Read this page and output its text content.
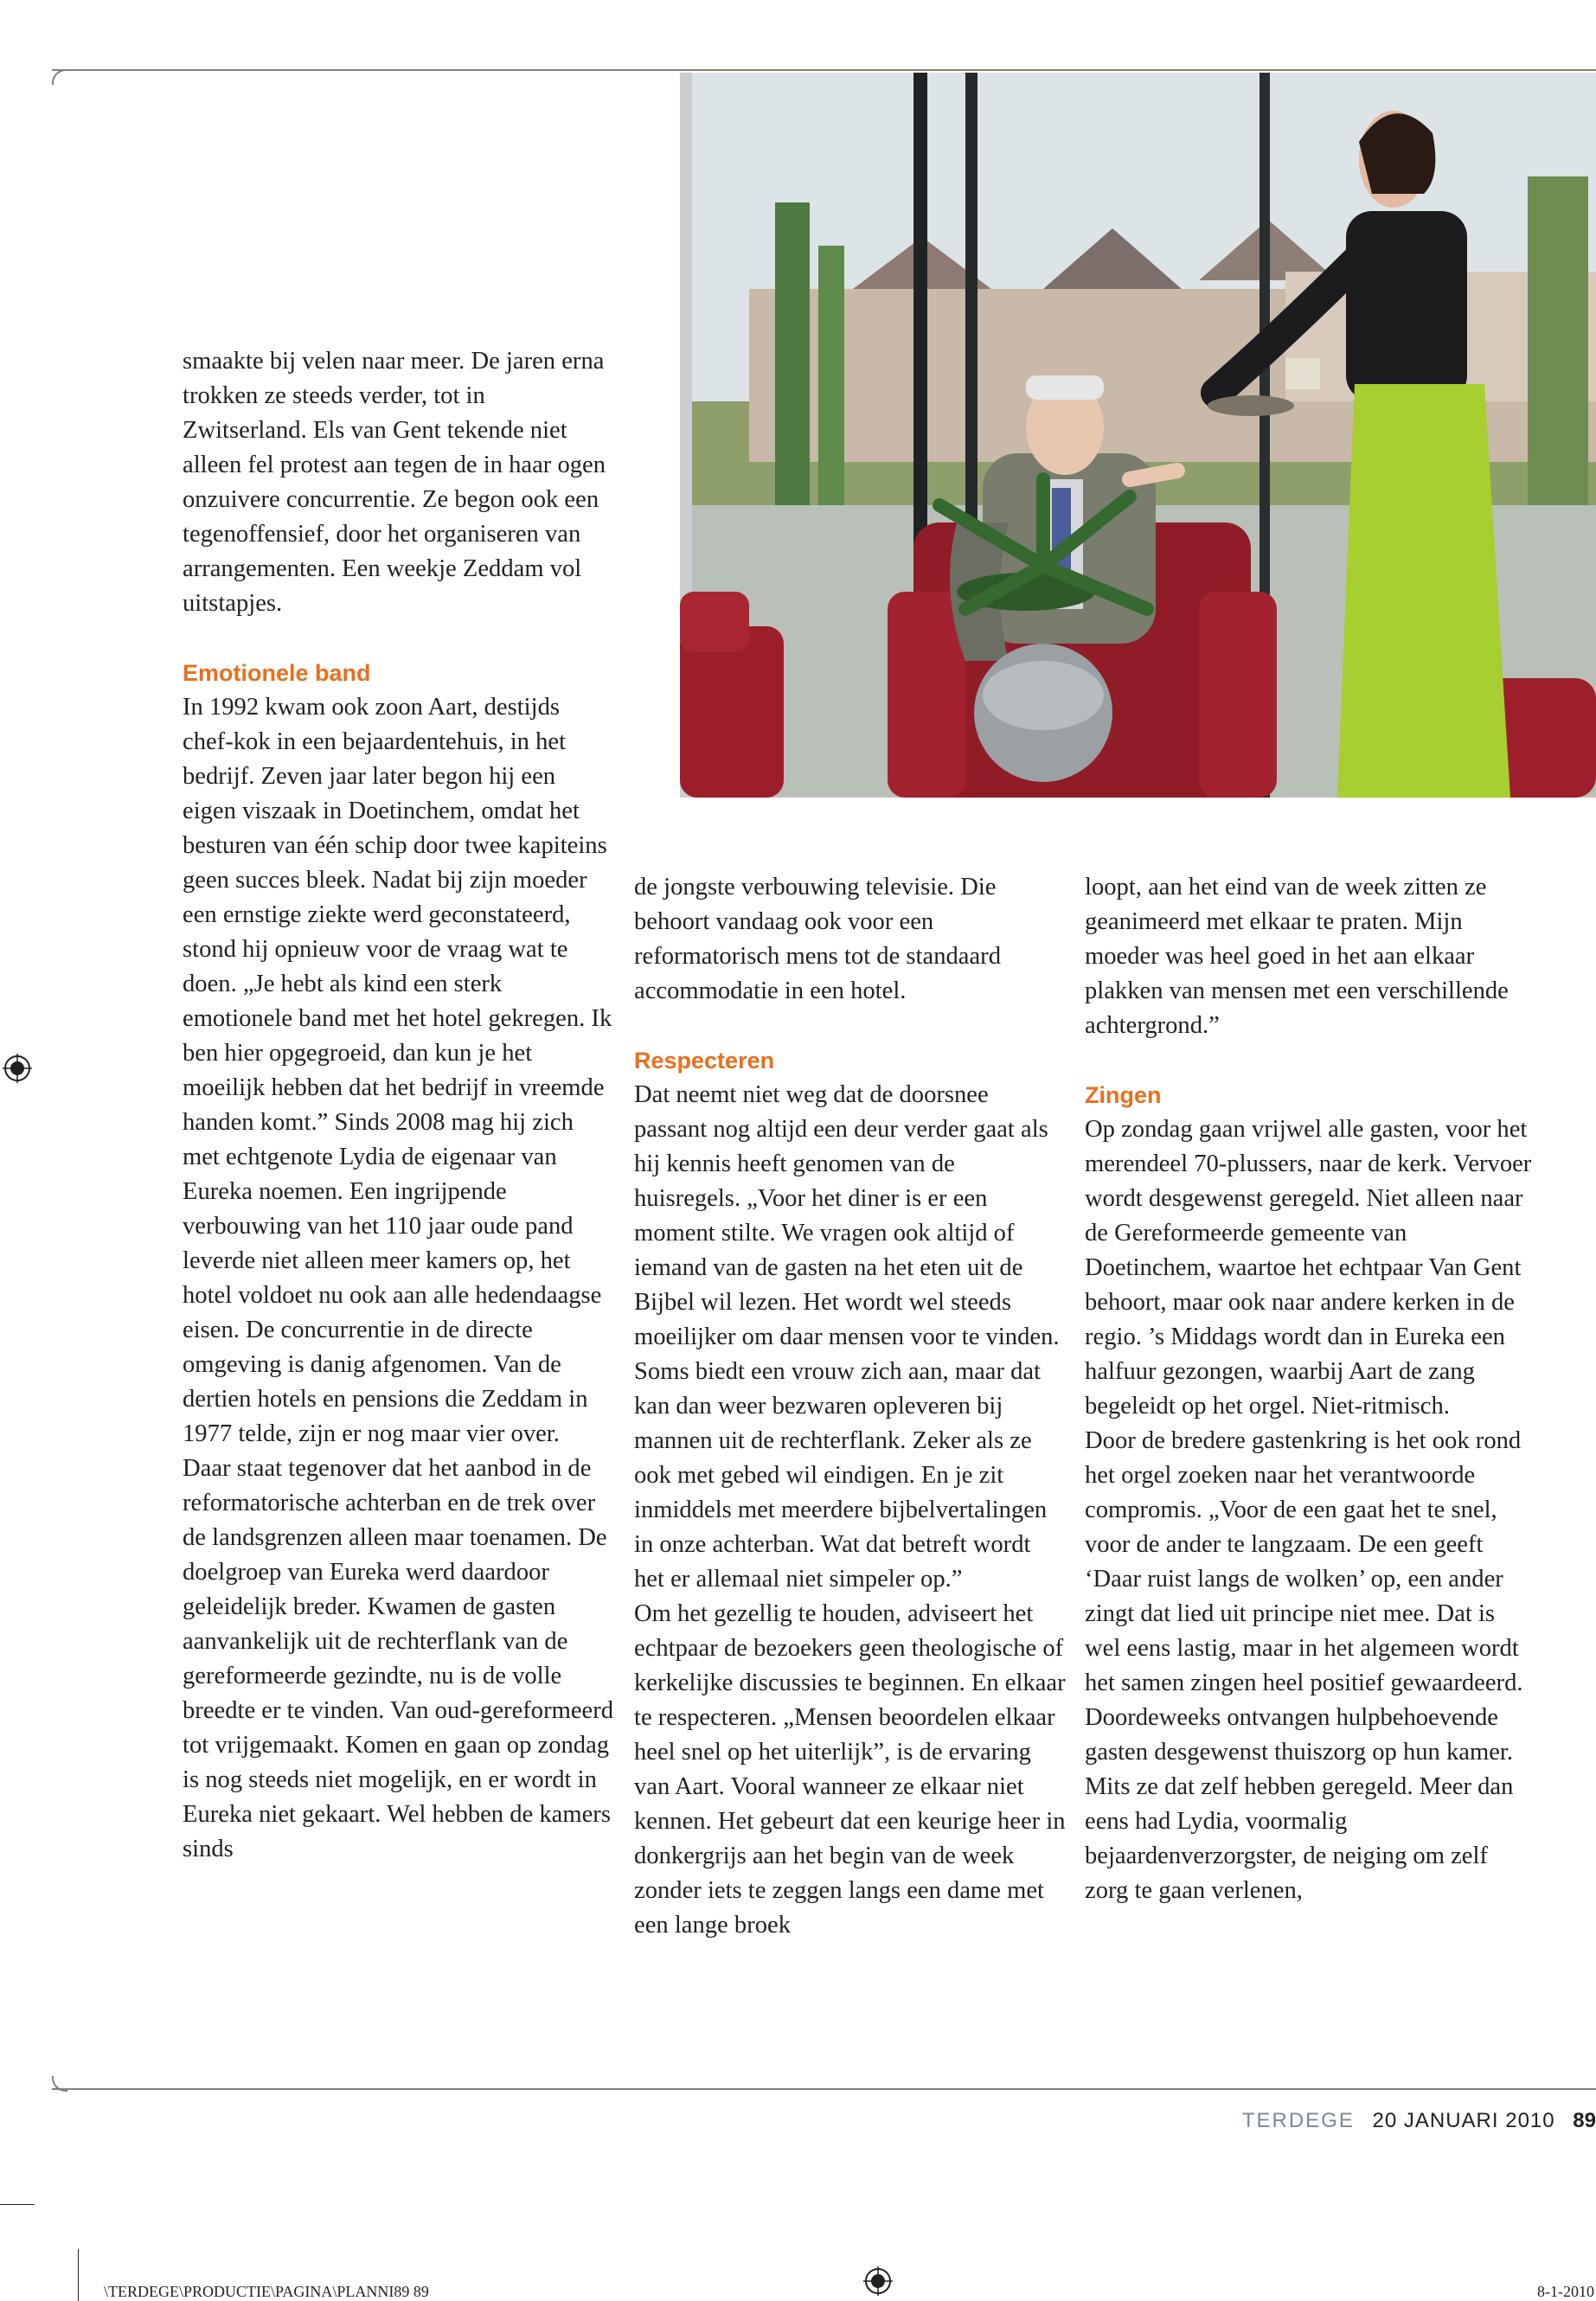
smaakte bij velen naar meer. De jaren erna trokken ze steeds verder, tot in Zwitserland. Els van Gent tekende niet alleen fel protest aan tegen de in haar ogen onzuivere concurrentie. Ze begon ook een tegenoffensief, door het organiseren van arrangementen. Een weekje Zeddam vol uitstapjes.

Emotionele band

In 1992 kwam ook zoon Aart, destijds chef-kok in een bejaardentehuis, in het bedrijf. Zeven jaar later begon hij een eigen viszaak in Doetinchem, omdat het besturen van één schip door twee kapiteins geen succes bleek. Nadat bij zijn moeder een ernstige ziekte werd geconstateerd, stond hij opnieuw voor de vraag wat te doen. „Je hebt als kind een sterk emotionele band met het hotel gekregen. Ik ben hier opgegroeid, dan kun je het moeilijk hebben dat het bedrijf in vreemde handen komt.” Sinds 2008 mag hij zich met echtgenote Lydia de eigenaar van Eureka noemen. Een ingrijpende verbouwing van het 110 jaar oude pand leverde niet alleen meer kamers op, het hotel voldoet nu ook aan alle hedendaagse eisen. De concurrentie in de directe omgeving is danig afgenomen. Van de dertien hotels en pensions die Zeddam in 1977 telde, zijn er nog maar vier over.

Daar staat tegenover dat het aanbod in de reformatorische achterban en de trek over de landsgrenzen alleen maar toenamen. De doelgroep van Eureka werd daardoor geleidelijk breder. Kwamen de gasten aanvankelijk uit de rechterflank van de gereformeerde gezindte, nu is de volle breedte er te vinden. Van oud-gereformeerd tot vrijgemaakt. Komen en gaan op zondag is nog steeds niet mogelijk, en er wordt in Eureka niet gekaart. Wel hebben de kamers sinds

de jongste verbouwing televisie. Die behoort vandaag ook voor een reformatorisch mens tot de standaard accommodatie in een hotel.

Respecteren

Dat neemt niet weg dat de doorsnee passant nog altijd een deur verder gaat als hij kennis heeft genomen van de huisregels. „Voor het diner is er een moment stilte. We vragen ook altijd of iemand van de gasten na het eten uit de Bijbel wil lezen. Het wordt wel steeds moeilijker om daar mensen voor te vinden. Soms biedt een vrouw zich aan, maar dat kan dan weer bezwaren opleveren bij mannen uit de rechterflank. Zeker als ze ook met gebed wil eindigen. En je zit inmiddels met meerdere bijbelvertalingen in onze achterban. Wat dat betreft wordt het er allemaal niet simpeler op.”

Om het gezellig te houden, adviseert het echtpaar de bezoekers geen theologische of kerkelijke discussies te beginnen. En elkaar te respecteren. „Mensen beoordelen elkaar heel snel op het uiterlijk”, is de ervaring van Aart. Vooral wanneer ze elkaar niet kennen. Het gebeurt dat een keurige heer in donkergrijs aan het begin van de week zonder iets te zeggen langs een dame met een lange broek

loopt, aan het eind van de week zitten ze geanimeerd met elkaar te praten. Mijn moeder was heel goed in het aan elkaar plakken van mensen met een verschillende achtergrond.”

Zingen

Op zondag gaan vrijwel alle gasten, voor het merendeel 70-plussers, naar de kerk. Vervoer wordt desgewenst geregeld. Niet alleen naar de Gereformeerde gemeente van Doetinchem, waartoe het echtpaar Van Gent behoort, maar ook naar andere kerken in de regio. ’s Middags wordt dan in Eureka een halfuur gezongen, waarbij Aart de zang begeleidt op het orgel. Niet-ritmisch.

Door de bredere gastenkring is het ook rond het orgel zoeken naar het verantwoorde compromis. „Voor de een gaat het te snel, voor de ander te langzaam. De een geeft ‘Daar ruist langs de wolken’ op, een ander zingt dat lied uit principe niet mee. Dat is wel eens lastig, maar in het algemeen wordt het samen zingen heel positief gewaardeerd.

Doordeweeks ontvangen hulpbehoevende gasten desgewenst thuiszorg op hun kamer. Mits ze dat zelf hebben geregeld. Meer dan eens had Lydia, voormalig bejaardenverzorgster, de neiging om zelf zorg te gaan verlenen,

TERDEGE 20 JANUARI 2010 89
\TERDEGE\PRODUCTIE\PAGINA\PLANNI89 89	8-1-2010
